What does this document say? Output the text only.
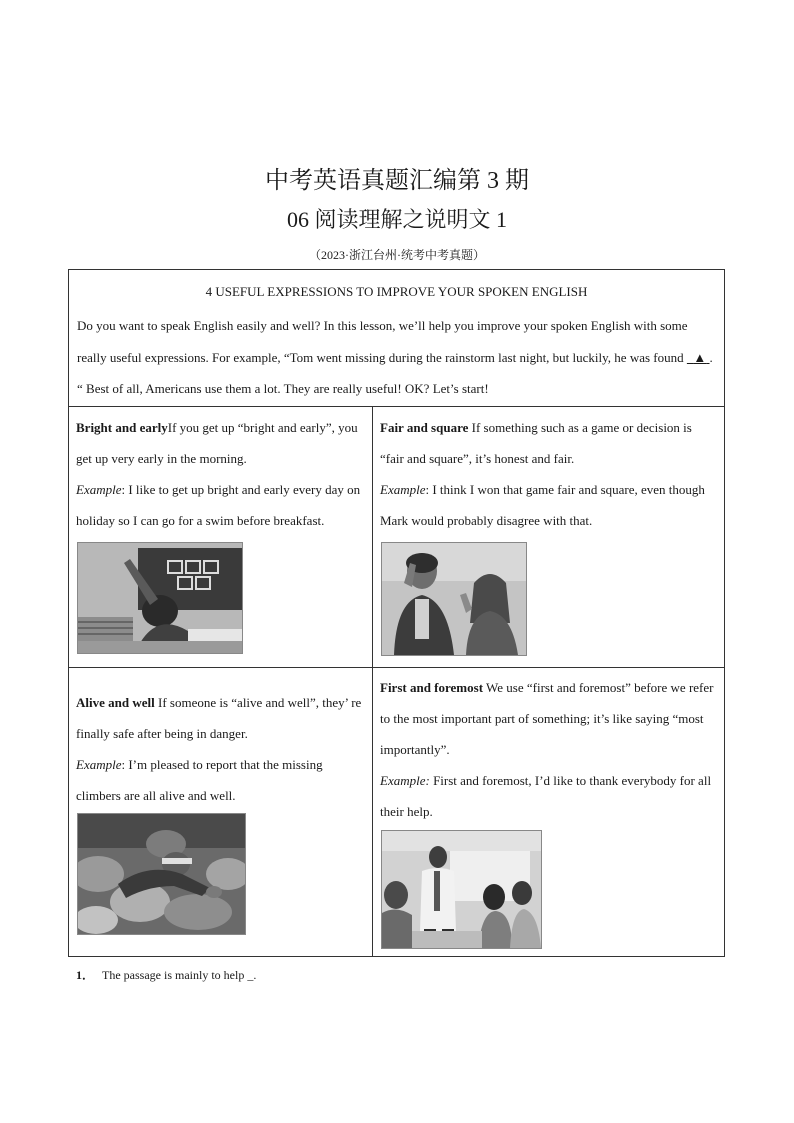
中考英语真题汇编第 3 期
06 阅读理解之说明文 1
（2023·浙江台州·统考中考真题）
4 USEFUL EXPRESSIONS TO IMPROVE YOUR SPOKEN ENGLISH
Do you want to speak English easily and well? In this lesson, we’ll help you improve your spoken English with some really useful expressions. For example, “Tom went missing during the rainstorm last night, but luckily, he was found   ▲ . “ Best of all, Americans use them a lot. They are really useful! OK? Let’s start!
Bright and earlyIf you get up “bright and early”, you get up very early in the morning.
Example: I like to get up bright and early every day on holiday so I can go for a swim before breakfast.
Fair and square If something such as a game or decision is “fair and square”, it’s honest and fair.
Example: I think I won that game fair and square, even though Mark would probably disagree with that.
Alive and well If someone is “alive and well”, they’ re finally safe after being in danger.
Example: I’m pleased to report that the missing climbers are all alive and well.
First and foremost We use “first and foremost” before we refer to the most important part of something; it’s like saying “most importantly”.
Example: First and foremost, I’d like to thank everybody for all their help.
1． The passage is mainly to help _.
